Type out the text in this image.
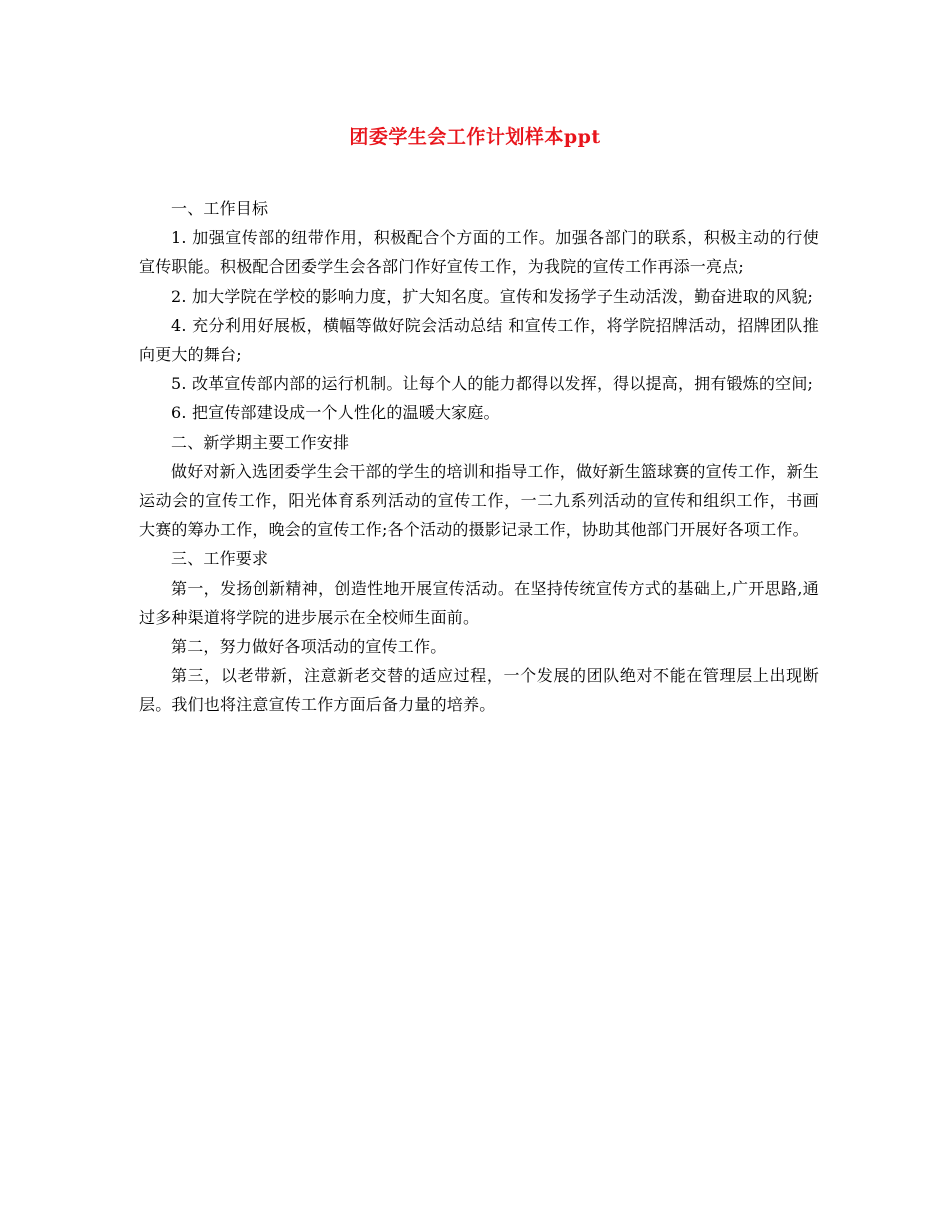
团委学生会工作计划样本ppt

一、工作目标

1. 加强宣传部的纽带作用，积极配合个方面的工作。加强各部门的联系，积极主动的行使宣传职能。积极配合团委学生会各部门作好宣传工作，为我院的宣传工作再添一亮点;

2. 加大学院在学校的影响力度，扩大知名度。宣传和发扬学子生动活泼，勤奋进取的风貌;

4. 充分利用好展板，横幅等做好院会活动总结 和宣传工作，将学院招牌活动，招牌团队推向更大的舞台;

5. 改革宣传部内部的运行机制。让每个人的能力都得以发挥，得以提高，拥有锻炼的空间;

6. 把宣传部建设成一个人性化的温暖大家庭。

二、新学期主要工作安排

做好对新入选团委学生会干部的学生的培训和指导工作，做好新生篮球赛的宣传工作，新生运动会的宣传工作，阳光体育系列活动的宣传工作，一二九系列活动的宣传和组织工作，书画大赛的筹办工作，晚会的宣传工作;各个活动的摄影记录工作，协助其他部门开展好各项工作。

三、工作要求

第一，发扬创新精神，创造性地开展宣传活动。在坚持传统宣传方式的基础上,广开思路,通过多种渠道将学院的进步展示在全校师生面前。

第二，努力做好各项活动的宣传工作。

第三，以老带新，注意新老交替的适应过程，一个发展的团队绝对不能在管理层上出现断层。我们也将注意宣传工作方面后备力量的培养。
